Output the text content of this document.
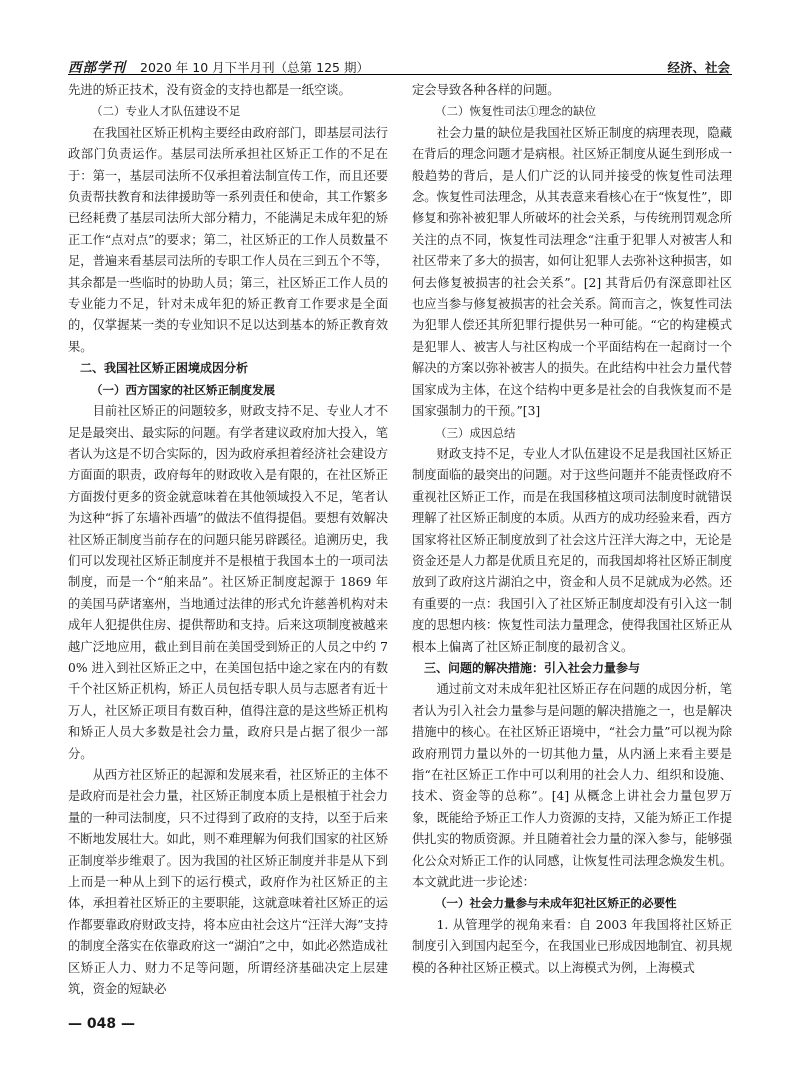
西部学刊 2020 年 10 月下半月刊（总第 125 期）	经济、社会

先进的矫正技术，没有资金的支持也都是一纸空谈。

（二）专业人才队伍建设不足

在我国社区矫正机构主要经由政府部门，即基层司法行政部门负责运作。基层司法所承担社区矫正工作的不足在于：第一，基层司法所不仅承担着法制宣传工作，而且还要负责帮扶教育和法律援助等一系列责任和使命，其工作繁多已经耗费了基层司法所大部分精力，不能满足未成年犯的矫正工作“点对点”的要求；第二，社区矫正的工作人员数量不足，普遍来看基层司法所的专职工作人员在三到五个不等，其余都是一些临时的协助人员；第三，社区矫正工作人员的专业能力不足，针对未成年犯的矫正教育工作要求是全面的，仅掌握某一类的专业知识不足以达到基本的矫正教育效果。

二、我国社区矫正困境成因分析
（一）西方国家的社区矫正制度发展

目前社区矫正的问题较多，财政支持不足、专业人才不足是最突出、最实际的问题。有学者建议政府加大投入，笔者认为这是不切合实际的，因为政府承担着经济社会建设方方面面的职责，政府每年的财政收入是有限的，在社区矫正方面拨付更多的资金就意味着在其他领域投入不足，笔者认为这种“拆了东墙补西墙”的做法不值得提倡。要想有效解决社区矫正制度当前存在的问题只能另辟蹊径。追溯历史，我们可以发现社区矫正制度并不是根植于我国本土的一项司法制度，而是一个“舶来品”。社区矫正制度起源于 1869 年的美国马萨诸塞州，当地通过法律的形式允许慈善机构对未成年人犯提供住房、提供帮助和支持。后来这项制度被越来越广泛地应用，截止到目前在美国受到矫正的人员之中约 70% 进入到社区矫正之中，在美国包括中途之家在内的有数千个社区矫正机构，矫正人员包括专职人员与志愿者有近十万人，社区矫正项目有数百种，值得注意的是这些矫正机构和矫正人员大多数是社会力量，政府只是占据了很少一部分。

从西方社区矫正的起源和发展来看，社区矫正的主体不是政府而是社会力量，社区矫正制度本质上是根植于社会力量的一种司法制度，只不过得到了政府的支持，以至于后来不断地发展壮大。如此，则不难理解为何我们国家的社区矫正制度举步维艰了。因为我国的社区矫正制度并非是从下到上而是一种从上到下的运行模式，政府作为社区矫正的主体，承担着社区矫正的主要职能，这就意味着社区矫正的运作都要靠政府财政支持，将本应由社会这片“汪洋大海”支持的制度全落实在依靠政府这一“湖泊”之中，如此必然造成社区矫正人力、财力不足等问题，所谓经济基础决定上层建筑，资金的短缺必

定会导致各种各样的问题。

（二）恢复性司法①理念的缺位

社会力量的缺位是我国社区矫正制度的病理表现，隐藏在背后的理念问题才是病根。社区矫正制度从诞生到形成一般趋势的背后，是人们广泛的认同并接受的恢复性司法理念。恢复性司法理念，从其表意来看核心在于“恢复性”，即修复和弥补被犯罪人所破坏的社会关系，与传统刑罚观念所关注的点不同，恢复性司法理念“注重于犯罪人对被害人和社区带来了多大的损害，如何让犯罪人去弥补这种损害，如何去修复被损害的社会关系”。[2] 其背后仍有深意即社区也应当参与修复被损害的社会关系。简而言之，恢复性司法为犯罪人偿还其所犯罪行提供另一种可能。“它的构建模式是犯罪人、被害人与社区构成一个平面结构在一起商讨一个解决的方案以弥补被害人的损失。在此结构中社会力量代替国家成为主体，在这个结构中更多是社会的自我恢复而不是国家强制力的干预。”[3]

（三）成因总结

财政支持不足，专业人才队伍建设不足是我国社区矫正制度面临的最突出的问题。对于这些问题并不能责怪政府不重视社区矫正工作，而是在我国移植这项司法制度时就错误理解了社区矫正制度的本质。从西方的成功经验来看，西方国家将社区矫正制度放到了社会这片汪洋大海之中，无论是资金还是人力都是优质且充足的，而我国却将社区矫正制度放到了政府这片湖泊之中，资金和人员不足就成为必然。还有重要的一点：我国引入了社区矫正制度却没有引入这一制度的思想内核：恢复性司法力量理念，使得我国社区矫正从根本上偏离了社区矫正制度的最初含义。

三、问题的解决措施：引入社会力量参与

通过前文对未成年犯社区矫正存在问题的成因分析，笔者认为引入社会力量参与是问题的解决措施之一，也是解决措施中的核心。在社区矫正语境中，“社会力量”可以视为除政府刑罚力量以外的一切其他力量，从内涵上来看主要是指“在社区矫正工作中可以利用的社会人力、组织和设施、技术、资金等的总称”。[4] 从概念上讲社会力量包罗万象，既能给予矫正工作人力资源的支持，又能为矫正工作提供扎实的物质资源。并且随着社会力量的深入参与，能够强化公众对矫正工作的认同感，让恢复性司法理念焕发生机。本文就此进一步论述：

（一）社会力量参与未成年犯社区矫正的必要性

1. 从管理学的视角来看：自 2003 年我国将社区矫正制度引入到国内起至今，在我国业已形成因地制宜、初具规模的各种社区矫正模式。以上海模式为例，上海模式

— 048 —
